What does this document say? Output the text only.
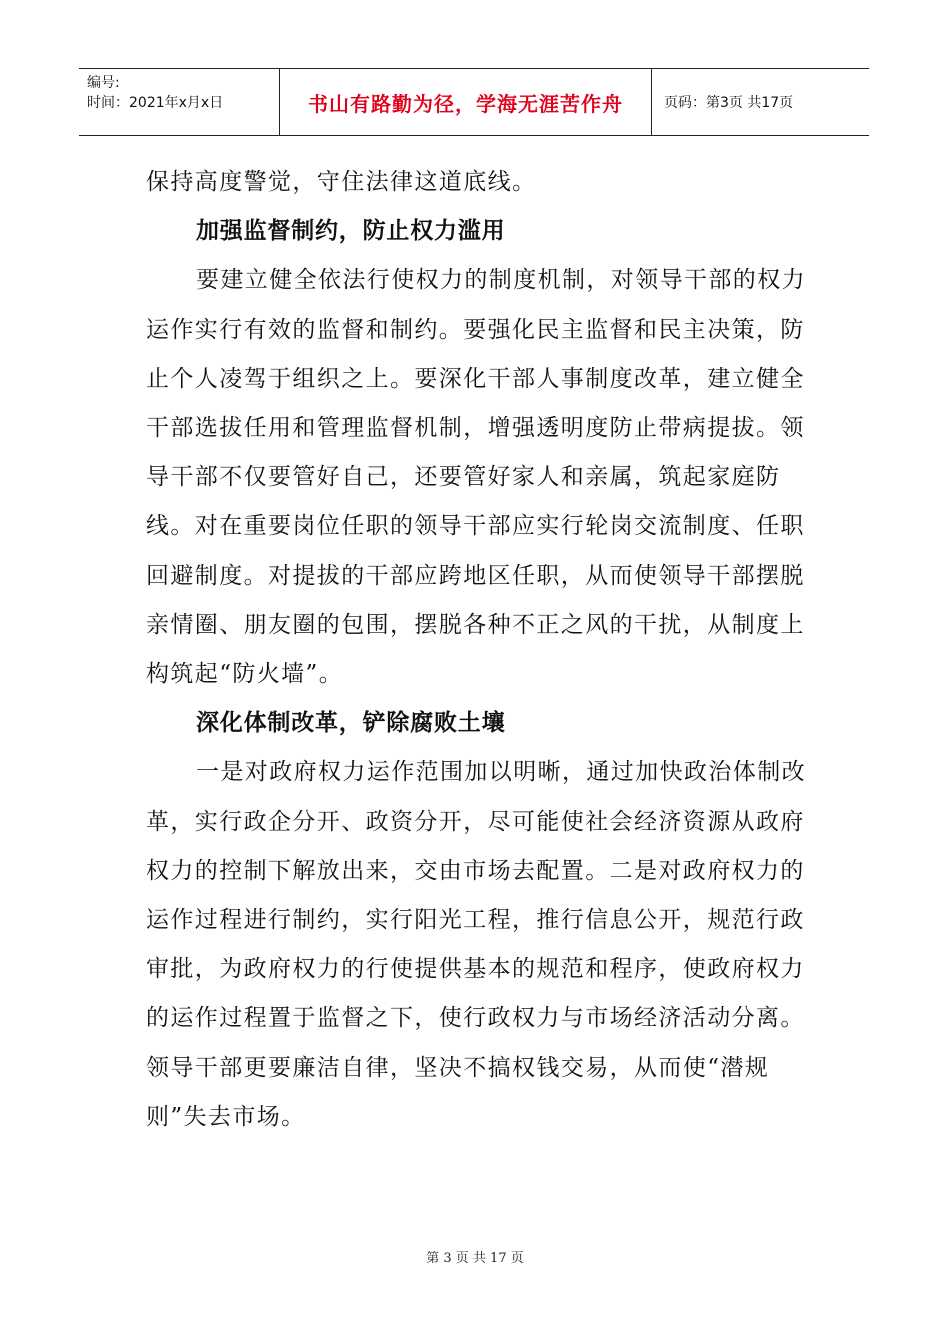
编号:
时间：2021年x月x日	书山有路勤为径，学海无涯苦作舟	页码：第3页 共17页

保持高度警觉，守住法律这道底线。

加强监督制约，防止权力滥用

要建立健全依法行使权力的制度机制，对领导干部的权力运作实行有效的监督和制约。要强化民主监督和民主决策，防止个人凌驾于组织之上。要深化干部人事制度改革，建立健全干部选拔任用和管理监督机制，增强透明度防止带病提拔。领导干部不仅要管好自己，还要管好家人和亲属，筑起家庭防线。对在重要岗位任职的领导干部应实行轮岗交流制度、任职回避制度。对提拔的干部应跨地区任职，从而使领导干部摆脱亲情圈、朋友圈的包围，摆脱各种不正之风的干扰，从制度上构筑起“防火墙”。

深化体制改革，铲除腐败土壤

一是对政府权力运作范围加以明晰，通过加快政治体制改革，实行政企分开、政资分开，尽可能使社会经济资源从政府权力的控制下解放出来，交由市场去配置。二是对政府权力的运作过程进行制约，实行阳光工程，推行信息公开，规范行政审批，为政府权力的行使提供基本的规范和程序，使政府权力的运作过程置于监督之下，使行政权力与市场经济活动分离。领导干部更要廉洁自律，坚决不搞权钱交易，从而使“潜规则”失去市场。

第 3 页 共 17 页
